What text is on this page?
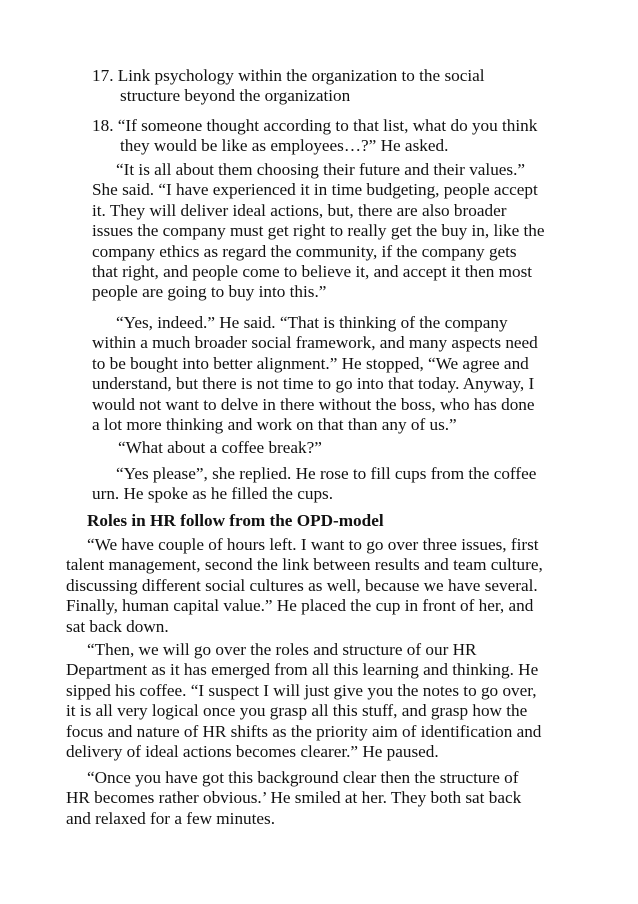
17. Link psychology within the organization to the social
structure beyond the organization
18. “If someone thought according to that list, what do you think
they would be like as employees…?” He asked.
“It is all about them choosing their future and their values.”
She said. “I have experienced it in time budgeting, people accept
it. They will deliver ideal actions, but, there are also broader
issues the company must get right to really get the buy in, like the
company ethics as regard the community, if the company gets
that right, and people come to believe it, and accept it then most
people are going to buy into this.”
“Yes, indeed.” He said. “That is thinking of the company
within a much broader social framework, and many aspects need
to be bought into better alignment.” He stopped, “We agree and
understand, but there is not time to go into that today. Anyway, I
would not want to delve in there without the boss, who has done
a lot more thinking and work on that than any of us.”
“What about a coffee break?”
“Yes please”, she replied. He rose to fill cups from the coffee
urn. He spoke as he filled the cups.
Roles in HR follow from the OPD-model
“We have couple of hours left. I want to go over three issues, first
talent management, second the link between results and team culture,
discussing different social cultures as well, because we have several.
Finally, human capital value.” He placed the cup in front of her, and
sat back down.
“Then, we will go over the roles and structure of our HR
Department as it has emerged from all this learning and thinking. He
sipped his coffee. “I suspect I will just give you the notes to go over,
it is all very logical once you grasp all this stuff, and grasp how the
focus and nature of HR shifts as the priority aim of identification and
delivery of ideal actions becomes clearer.” He paused.
“Once you have got this background clear then the structure of
HR becomes rather obvious.’ He smiled at her. They both sat back
and relaxed for a few minutes.
